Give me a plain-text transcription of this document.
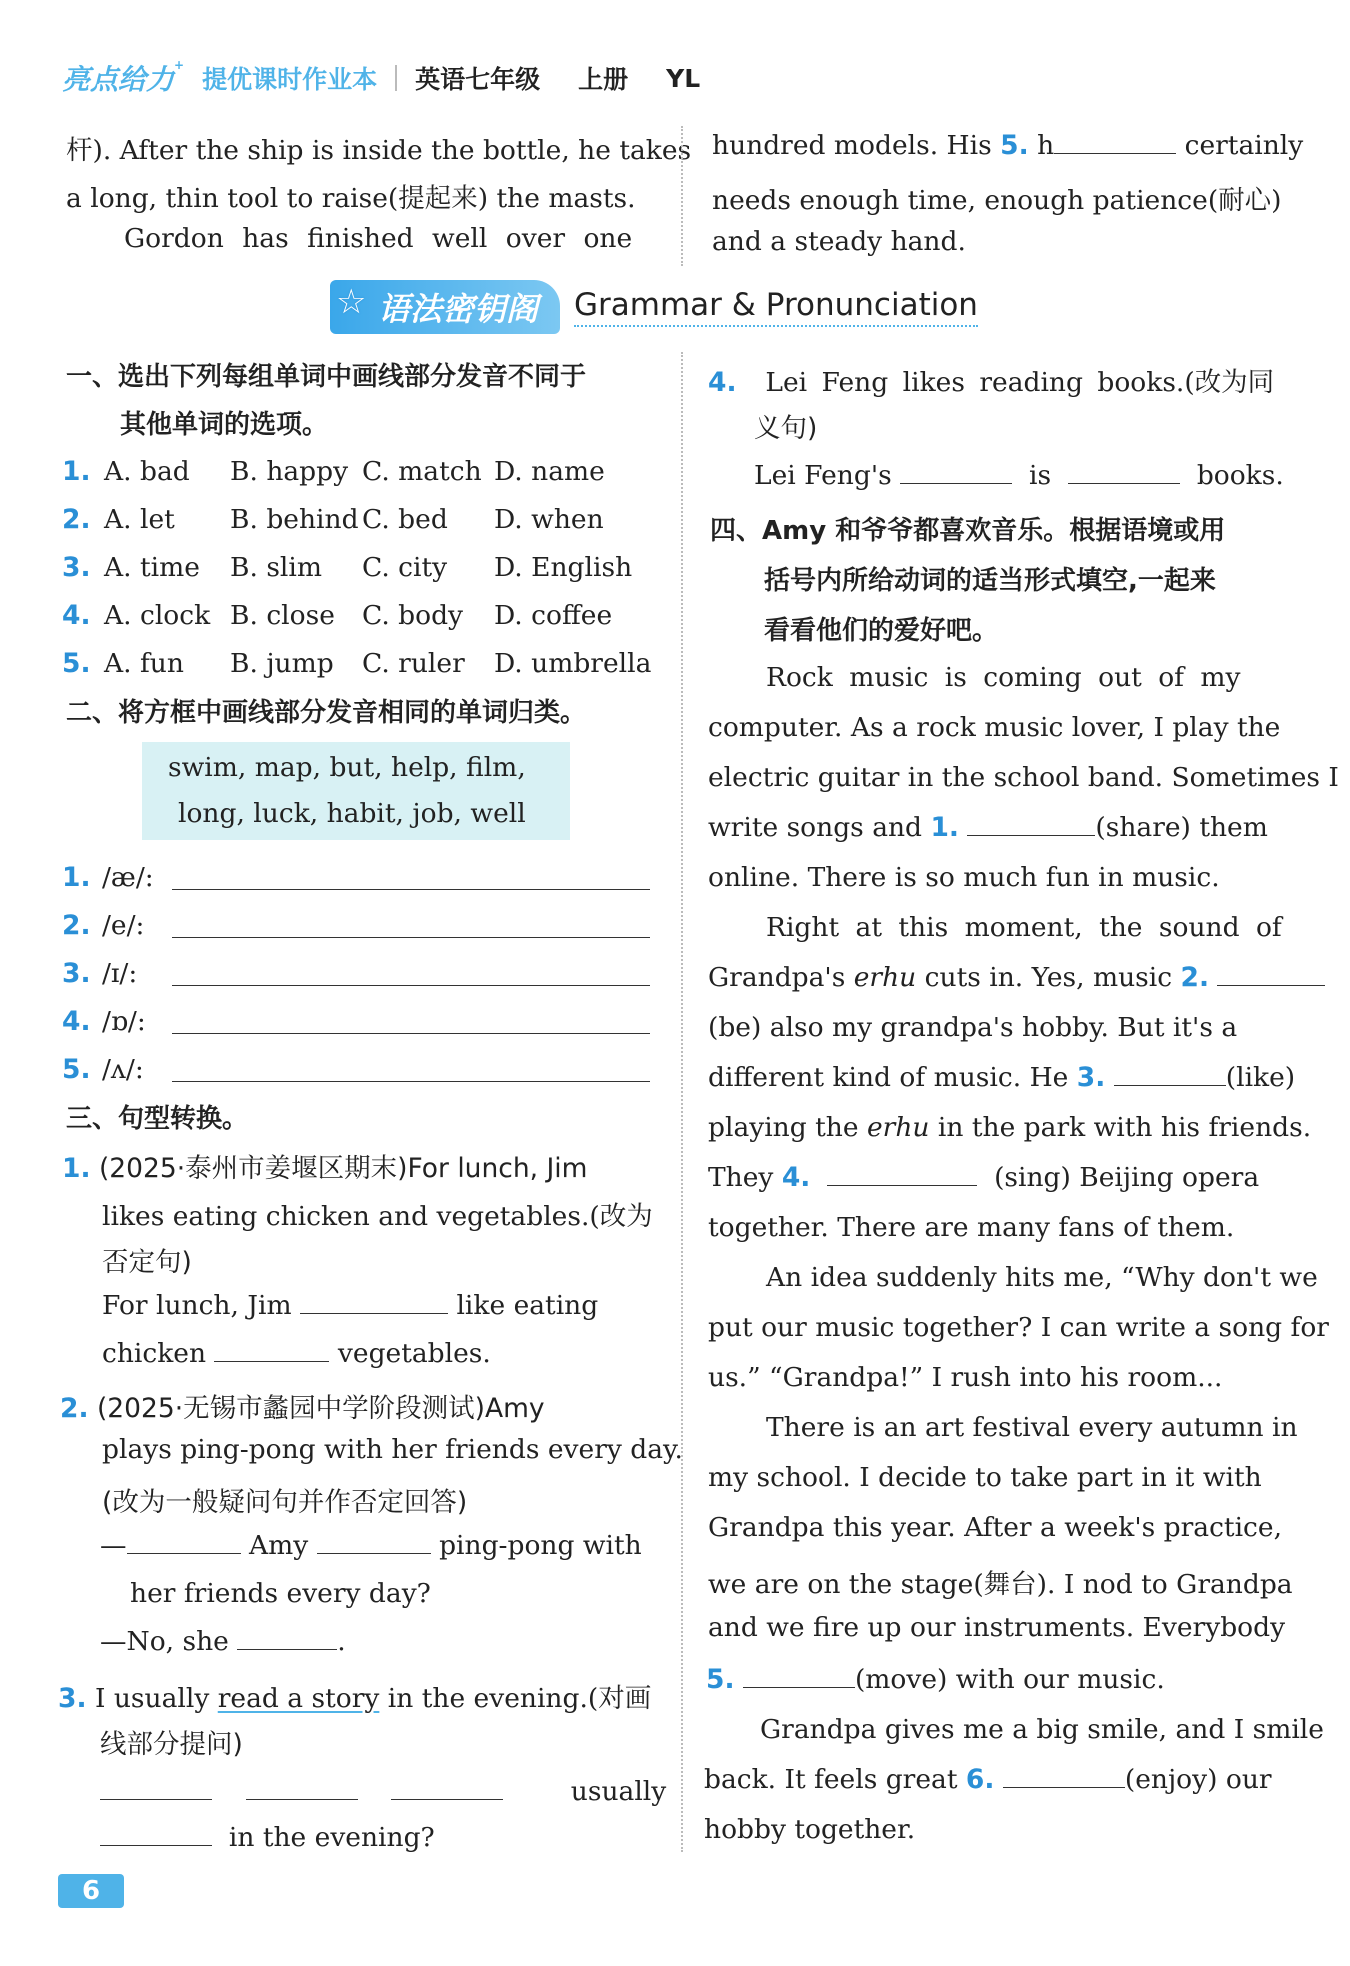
亮点给力+ 提优课时作业本 英语七年级 上册 YL
杆). After the ship is inside the bottle, he takes
a long, thin tool to raise(提起来) the masts.
Gordon has finished well over one
hundred models. His 5. h	certainly
needs enough time, enough patience(耐心)
and a steady hand.
☆ 语法密钥阁	Grammar & Pronunciation
一、选出下列每组单词中画线部分发音不同于
其他单词的选项。
1. A. bad B. happy C. match D. name
2. A. let B. behind C. bed D. when
3. A. time B. slim C. city D. English
4. A. clock B. close C. body D. coffee
5. A. fun B. jump C. ruler D. umbrella
二、将方框中画线部分发音相同的单词归类。
swim, map, but, help, film,
long, luck, habit, job, well
1. /æ/:
2. /e/:
3. /ɪ/:
4. /ɒ/:
5. /ʌ/:
三、句型转换。
1. (2025·泰州市姜堰区期末)For lunch, Jim
likes eating chicken and vegetables.(改为
否定句)
For lunch, Jim	like eating
chicken	vegetables.
2. (2025·无锡市蠡园中学阶段测试)Amy
plays ping-pong with her friends every day.
(改为一般疑问句并作否定回答)
—	Amy	ping-pong with
her friends every day?
—No, she	.
3. I usually read a story in the evening.(对画
线部分提问)
usually
in the evening?
4. Lei Feng likes reading books.(改为同
义句)
Lei Feng's	is	books.
四、Amy 和爷爷都喜欢音乐。根据语境或用
括号内所给动词的适当形式填空,一起来
看看他们的爱好吧。
Rock music is coming out of my
computer. As a rock music lover, I play the
electric guitar in the school band. Sometimes I
write songs and 1.	(share) them
online. There is so much fun in music.
Right at this moment, the sound of
Grandpa's erhu cuts in. Yes, music 2.
(be) also my grandpa's hobby. But it's a
different kind of music. He 3.	(like)
playing the erhu in the park with his friends.
They 4.	(sing) Beijing opera
together. There are many fans of them.
An idea suddenly hits me, “Why don't we
put our music together? I can write a song for
us.” “Grandpa!” I rush into his room...
There is an art festival every autumn in
my school. I decide to take part in it with
Grandpa this year. After a week's practice,
we are on the stage(舞台). I nod to Grandpa
and we fire up our instruments. Everybody
5.	(move) with our music.
Grandpa gives me a big smile, and I smile
back. It feels great 6.	(enjoy) our
hobby together.
6
